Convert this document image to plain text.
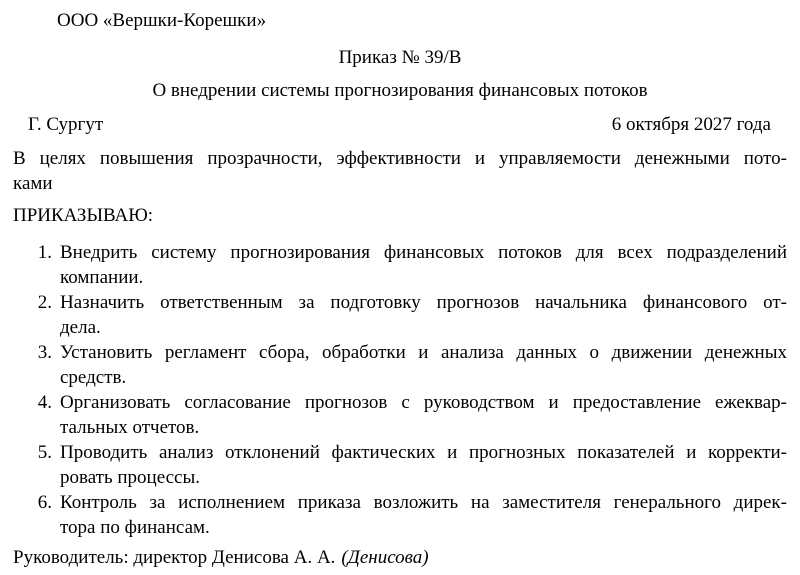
ООО «Вершки-Корешки»
Приказ № 39/В
О внедрении системы прогнозирования финансовых потоков
Г. Сургут	6 октября 2027 года
В целях повышения прозрачности, эффективности и управляемости денежными пото-
ками
ПРИКАЗЫВАЮ:
1. Внедрить систему прогнозирования финансовых потоков для всех подразделений
компании.
2. Назначить ответственным за подготовку прогнозов начальника финансового от-
дела.
3. Установить регламент сбора, обработки и анализа данных о движении денежных
средств.
4. Организовать согласование прогнозов с руководством и предоставление ежеквар-
тальных отчетов.
5. Проводить анализ отклонений фактических и прогнозных показателей и корректи-
ровать процессы.
6. Контроль за исполнением приказа возложить на заместителя генерального дирек-
тора по финансам.
Руководитель: директор Денисова А. А. (Денисова)
